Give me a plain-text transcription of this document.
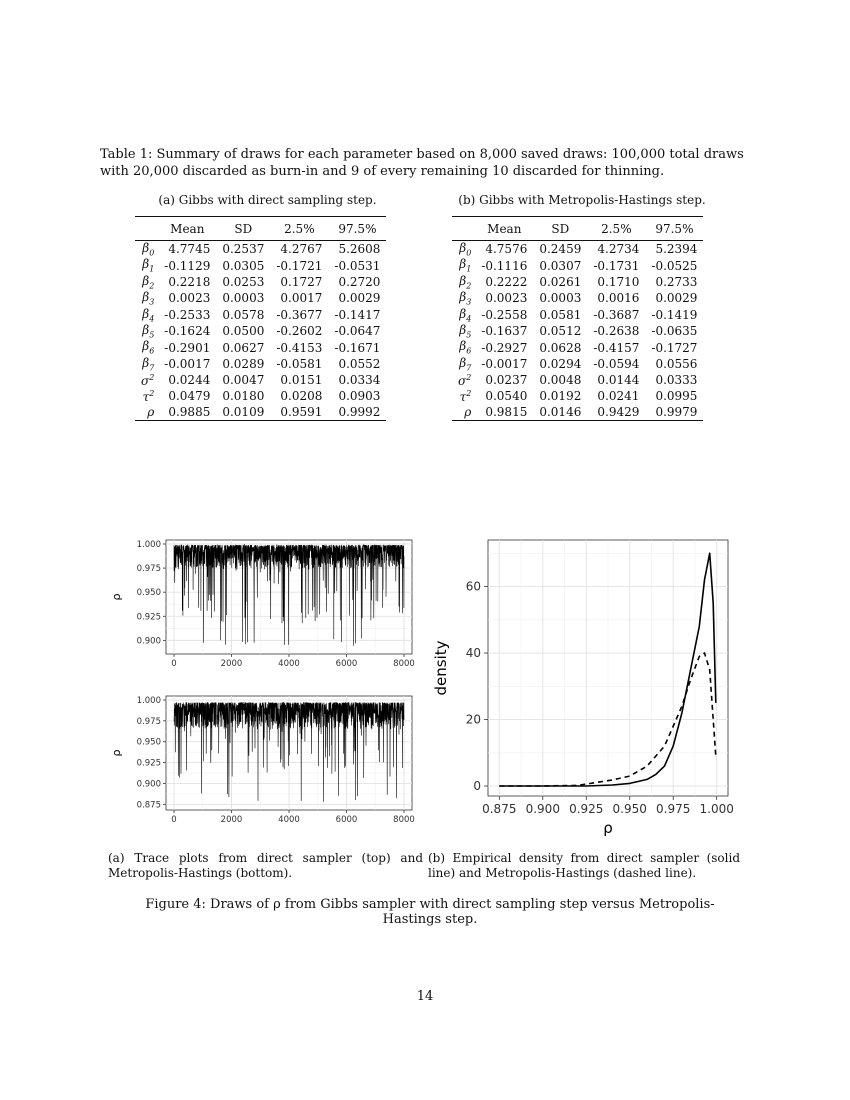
Table 1: Summary of draws for each parameter based on 8,000 saved draws: 100,000 total draws with 20,000 discarded as burn-in and 9 of every remaining 10 discarded for thinning.
(a) Gibbs with direct sampling step.	(b) Gibbs with Metropolis-Hastings step.
	Mean	SD	2.5%	97.5%
$\beta_0$	4.7745	0.2537	4.2767	5.2608
$\beta_1$	-0.1129	0.0305	-0.1721	-0.0531
$\beta_2$	0.2218	0.0253	0.1727	0.2720
$\beta_3$	0.0023	0.0003	0.0017	0.0029
$\beta_4$	-0.2533	0.0578	-0.3677	-0.1417
$\beta_5$	-0.1624	0.0500	-0.2602	-0.0647
$\beta_6$	-0.2901	0.0627	-0.4153	-0.1671
$\beta_7$	-0.0017	0.0289	-0.0581	0.0552
$\sigma^2$	0.0244	0.0047	0.0151	0.0334
$\tau^2$	0.0479	0.0180	0.0208	0.0903
ρ	0.9885	0.0109	0.9591	0.9992
	Mean	SD	2.5%	97.5%
$\beta_0$	4.7576	0.2459	4.2734	5.2394
$\beta_1$	-0.1116	0.0307	-0.1731	-0.0525
$\beta_2$	0.2222	0.0261	0.1710	0.2733
$\beta_3$	0.0023	0.0003	0.0016	0.0029
$\beta_4$	-0.2558	0.0581	-0.3687	-0.1419
$\beta_5$	-0.1637	0.0512	-0.2638	-0.0635
$\beta_6$	-0.2927	0.0628	-0.4157	-0.1727
$\beta_7$	-0.0017	0.0294	-0.0594	0.0556
$\sigma^2$	0.0237	0.0048	0.0144	0.0333
$\tau^2$	0.0540	0.0192	0.0241	0.0995
ρ	0.9815	0.0146	0.9429	0.9979
0	2000	4000	6000	8000
0.900
0.925
0.950
0.975
1.000
ρ
0	2000	4000	6000	8000
0.875
0.900
0.925
0.950
0.975
1.000
ρ
0.875 0.900 0.925 0.950 0.975 1.000
0
20
40
60
ρ
density
(a) Trace plots from direct sampler (top) and Metropolis-Hastings (bottom).
(b) Empirical density from direct sampler (solid line) and Metropolis-Hastings (dashed line).
Figure 4: Draws of ρ from Gibbs sampler with direct sampling step versus Metropolis-Hastings step.
14
